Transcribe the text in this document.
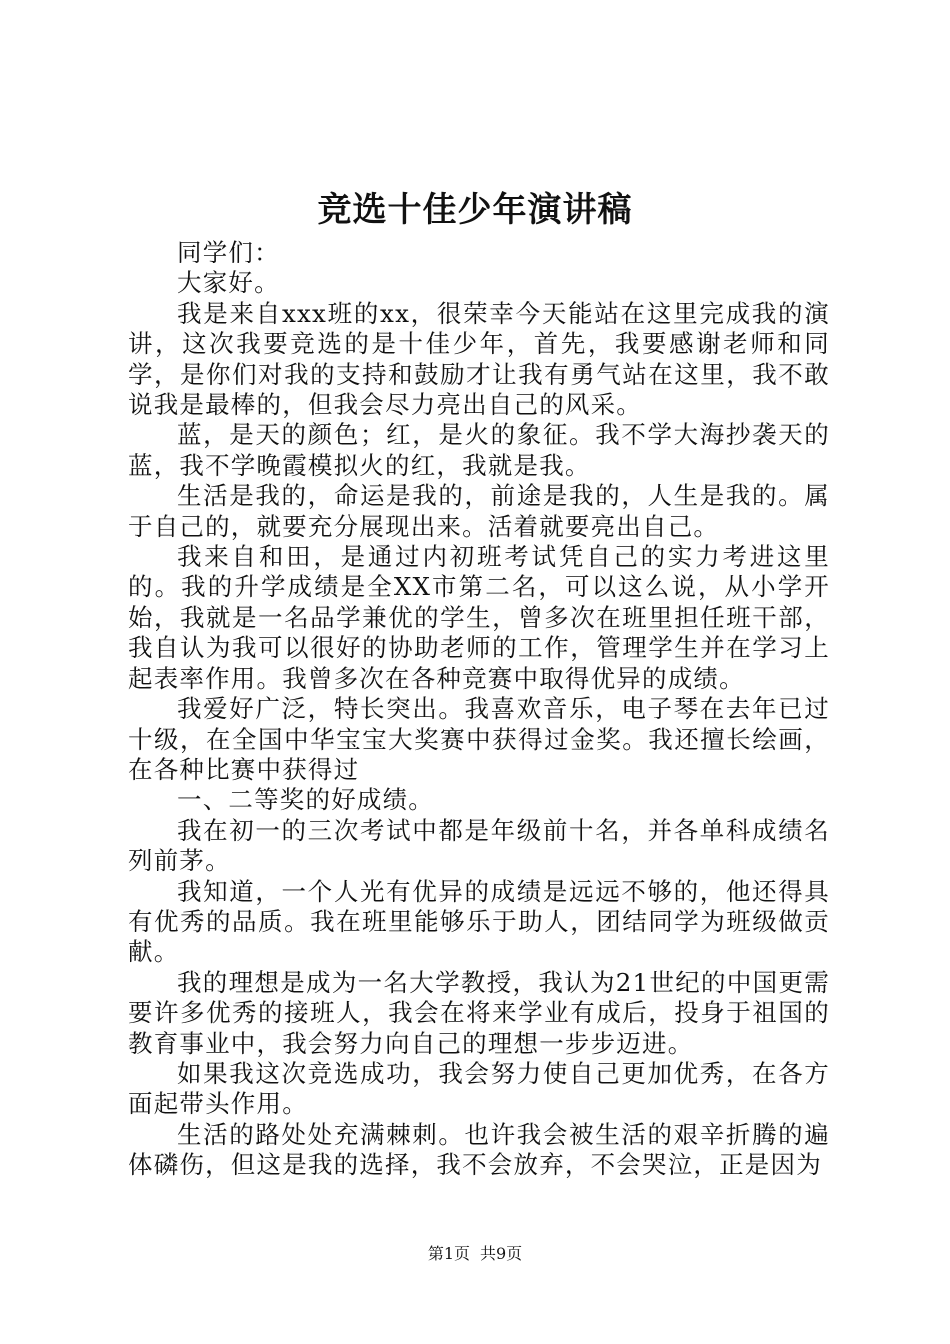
竞选十佳少年演讲稿

同学们：

大家好。

我是来自xxx班的xx，很荣幸今天能站在这里完成我的演讲，这次我要竞选的是十佳少年，首先，我要感谢老师和同学，是你们对我的支持和鼓励才让我有勇气站在这里，我不敢说我是最棒的，但我会尽力亮出自己的风采。

蓝，是天的颜色；红，是火的象征。我不学大海抄袭天的蓝，我不学晚霞模拟火的红，我就是我。

生活是我的，命运是我的，前途是我的，人生是我的。属于自己的，就要充分展现出来。活着就要亮出自己。

我来自和田，是通过内初班考试凭自己的实力考进这里的。我的升学成绩是全XX市第二名，可以这么说，从小学开始，我就是一名品学兼优的学生，曾多次在班里担任班干部，我自认为我可以很好的协助老师的工作，管理学生并在学习上起表率作用。我曾多次在各种竞赛中取得优异的成绩。

我爱好广泛，特长突出。我喜欢音乐，电子琴在去年已过十级，在全国中华宝宝大奖赛中获得过金奖。我还擅长绘画，在各种比赛中获得过

一、二等奖的好成绩。

我在初一的三次考试中都是年级前十名，并各单科成绩名列前茅。

我知道，一个人光有优异的成绩是远远不够的，他还得具有优秀的品质。我在班里能够乐于助人，团结同学为班级做贡献。

我的理想是成为一名大学教授，我认为21世纪的中国更需要许多优秀的接班人，我会在将来学业有成后，投身于祖国的教育事业中，我会努力向自己的理想一步步迈进。

如果我这次竞选成功，我会努力使自己更加优秀，在各方面起带头作用。

生活的路处处充满棘刺。也许我会被生活的艰辛折腾的遍体磷伤，但这是我的选择，我不会放弃，不会哭泣，正是因为

第1页 共9页
